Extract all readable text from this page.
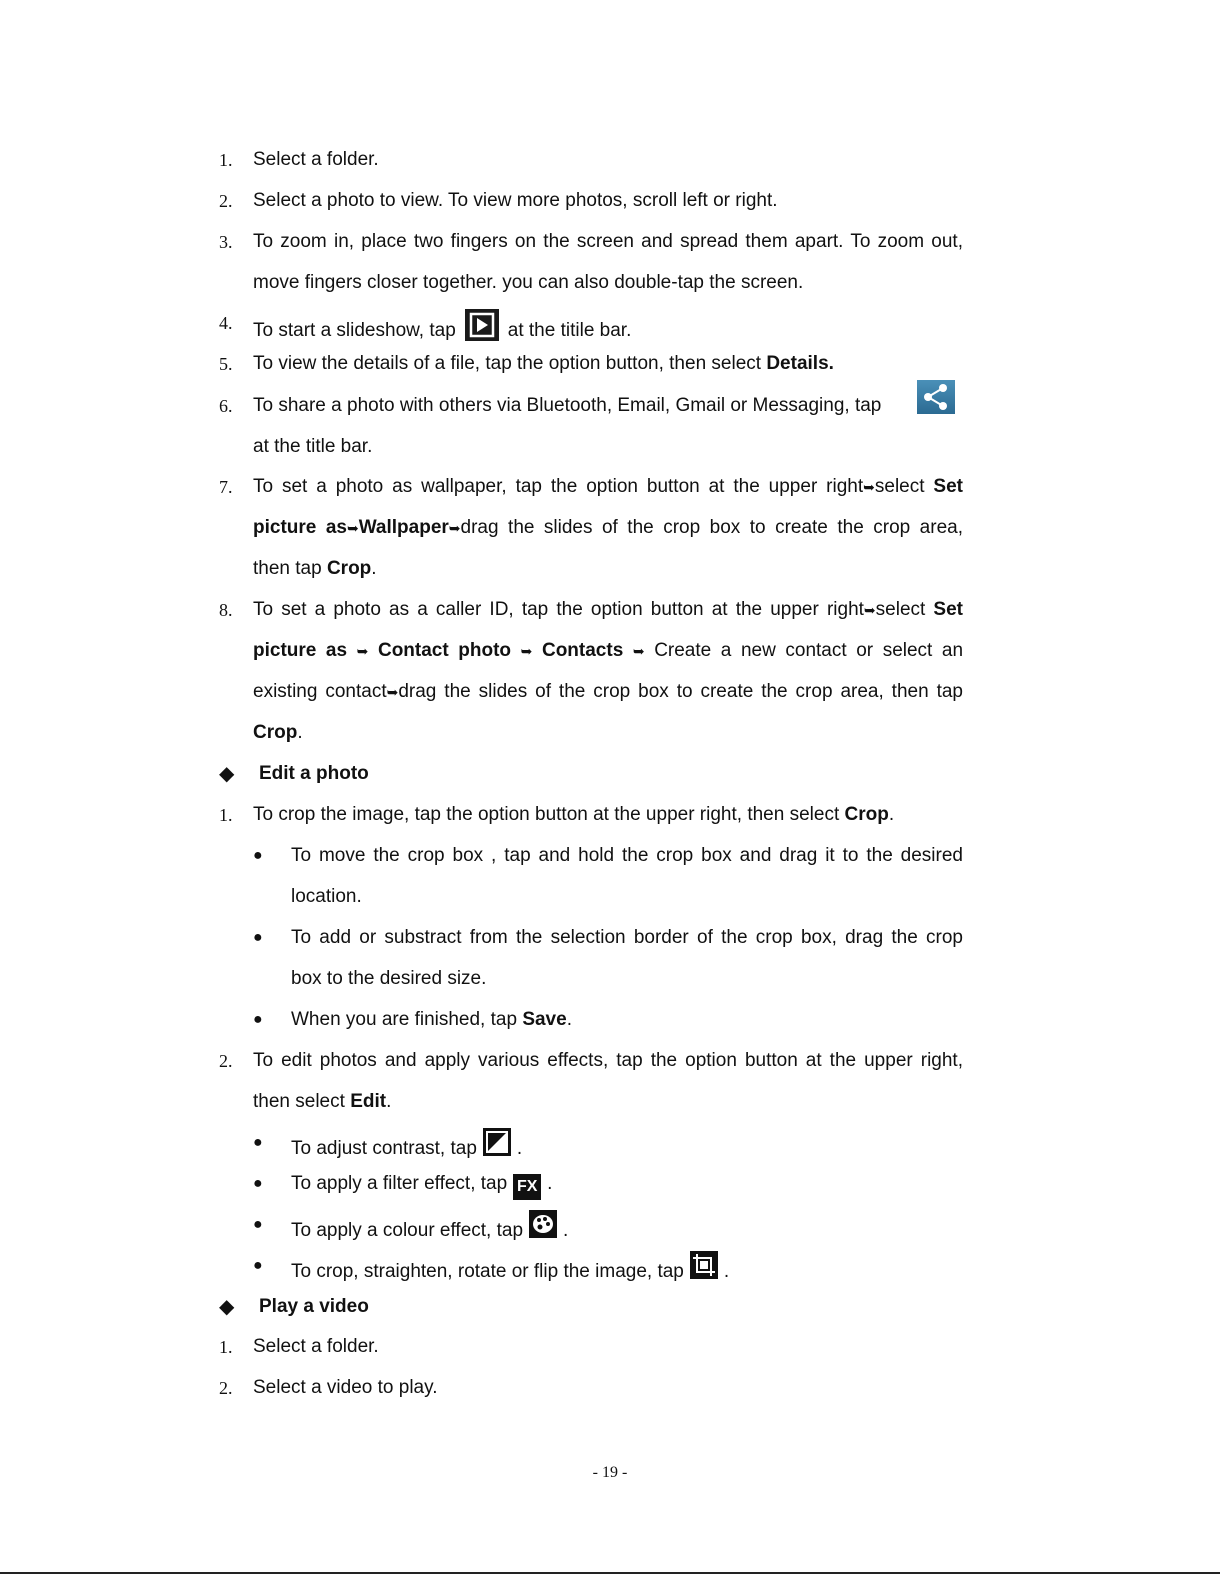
1.	Select a folder.
2.	Select a photo to view. To view more photos, scroll left or right.
3.	To zoom in, place two fingers on the screen and spread them apart. To zoom out,
move fingers closer together. you can also double-tap the screen.
4.	To start a slideshow, tap	at the titile bar.
5.	To view the details of a file, tap the option button, then select Details.
6.	To share a photo with others via Bluetooth, Email, Gmail or Messaging, tap
at the title bar.
7.	To set a photo as wallpaper, tap the option button at the upper right➥select Set
picture as➥Wallpaper➥drag the slides of the crop box to create the crop area,
then tap Crop.
8.	To set a photo as a caller ID, tap the option button at the upper right➥select Set
picture as ➥ Contact photo ➥ Contacts ➥ Create a new contact or select an
existing contact➥drag the slides of the crop box to create the crop area, then tap
Crop.
◆ Edit a photo
1.	To crop the image, tap the option button at the upper right, then select Crop.
● To move the crop box , tap and hold the crop box and drag it to the desired
location.
● To add or substract from the selection border of the crop box, drag the crop
box to the desired size.
● When you are finished, tap Save.
2.	To edit photos and apply various effects, tap the option button at the upper right,
then select Edit.
● To adjust contrast, tap .
● To apply a filter effect, tap FX .
● To apply a colour effect, tap .
● To crop, straighten, rotate or flip the image, tap .
◆ Play a video
1.	Select a folder.
2.	Select a video to play.
- 19 -
